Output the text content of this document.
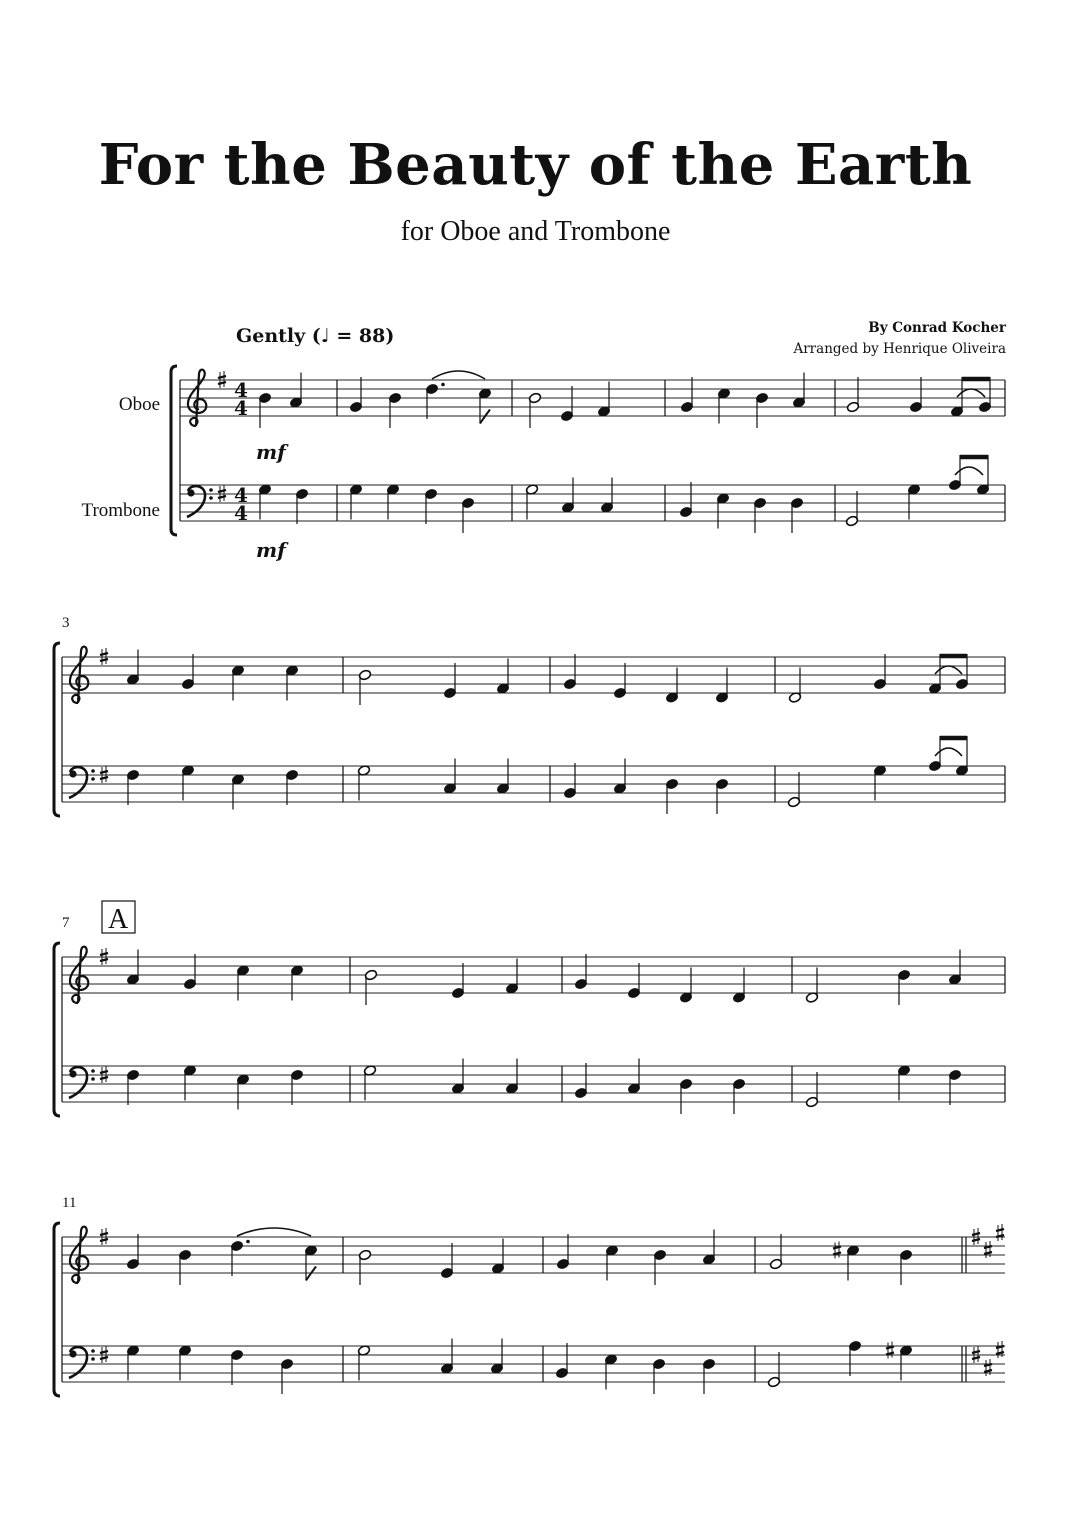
For the Beauty of the Earth
for Oboe and Trombone
Gently (♩ = 88)	By Conrad Kocher
Arranged by Henrique Oliveira
Oboe
Trombone
4
4
4
4
3
7
11
mf
mf
A
